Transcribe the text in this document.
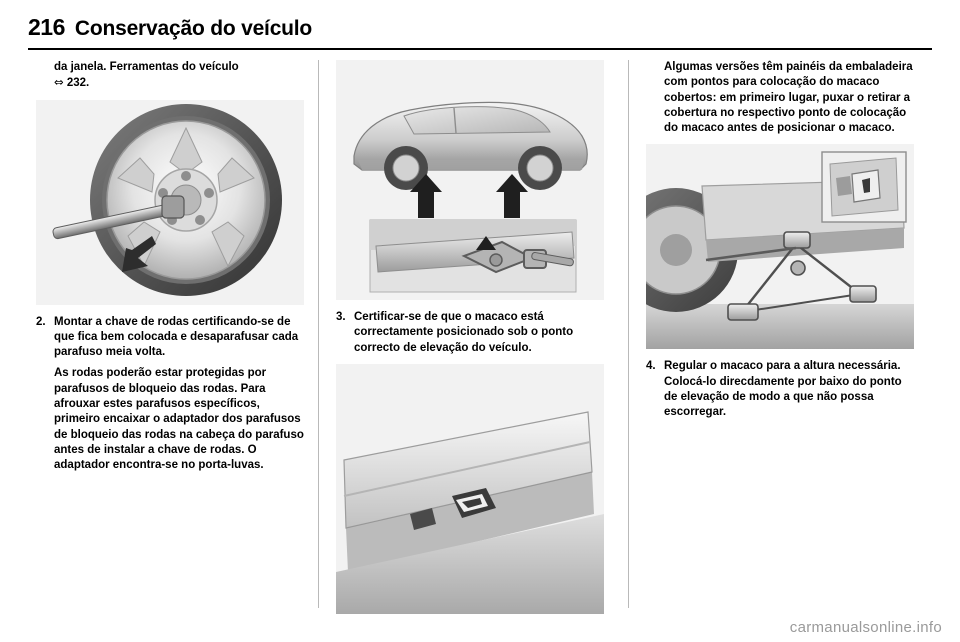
216 Conservação do veículo

da janela. Ferramentas do veículo
⇔ 232.

2. Montar a chave de rodas certificando-se de que fica bem colocada e desaparafusar cada parafuso meia volta.

As rodas poderão estar protegidas por parafusos de bloqueio das rodas. Para afrouxar estes parafusos específicos, primeiro encaixar o adaptador dos parafusos de bloqueio das rodas na cabeça do parafuso antes de instalar a chave de rodas. O adaptador encontra-se no porta-luvas.

3. Certificar-se de que o macaco está correctamente posicionado sob o ponto correcto de elevação do veículo.

Algumas versões têm painéis da embaladeira com pontos para colocação do macaco cobertos: em primeiro lugar, puxar o retirar a cobertura no respectivo ponto de colocação do macaco antes de posicionar o macaco.

4. Regular o macaco para a altura necessária. Colocá-lo direcdamente por baixo do ponto de elevação de modo a que não possa escorregar.
carmanualsonline.info
